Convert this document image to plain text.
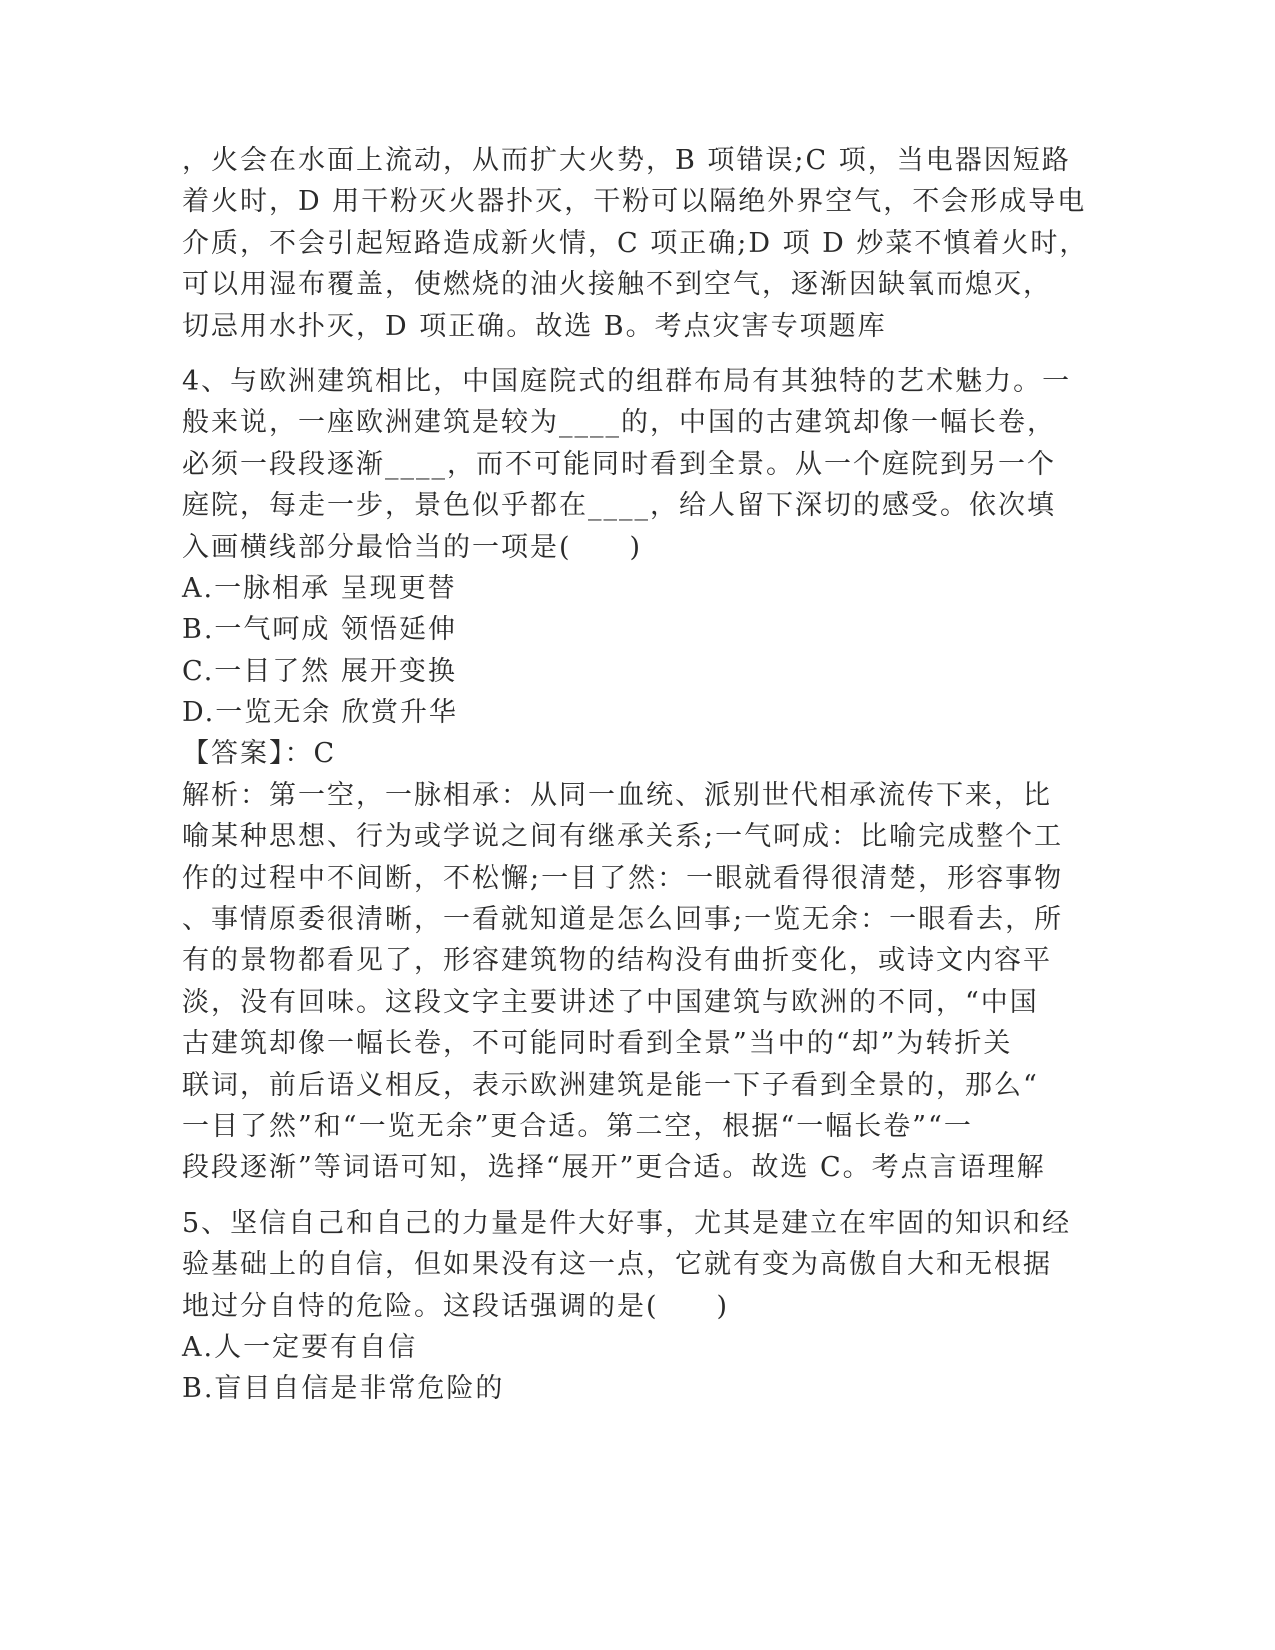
，火会在水面上流动，从而扩大火势，B 项错误;C 项，当电器因短路
着火时，D 用干粉灭火器扑灭，干粉可以隔绝外界空气，不会形成导电
介质，不会引起短路造成新火情，C 项正确;D 项 D 炒菜不慎着火时，
可以用湿布覆盖，使燃烧的油火接触不到空气，逐渐因缺氧而熄灭，
切忌用水扑灭，D 项正确。故选 B。考点灾害专项题库
4、与欧洲建筑相比，中国庭院式的组群布局有其独特的艺术魅力。一
般来说，一座欧洲建筑是较为____的，中国的古建筑却像一幅长卷，
必须一段段逐渐____，而不可能同时看到全景。从一个庭院到另一个
庭院，每走一步，景色似乎都在____，给人留下深切的感受。依次填
入画横线部分最恰当的一项是(　　)
A.一脉相承 呈现更替
B.一气呵成 领悟延伸
C.一目了然 展开变换
D.一览无余 欣赏升华
【答案】：C
解析：第一空，一脉相承：从同一血统、派别世代相承流传下来，比
喻某种思想、行为或学说之间有继承关系;一气呵成：比喻完成整个工
作的过程中不间断，不松懈;一目了然：一眼就看得很清楚，形容事物
、事情原委很清晰，一看就知道是怎么回事;一览无余：一眼看去，所
有的景物都看见了，形容建筑物的结构没有曲折变化，或诗文内容平
淡，没有回味。这段文字主要讲述了中国建筑与欧洲的不同，“中国
古建筑却像一幅长卷，不可能同时看到全景”当中的“却”为转折关
联词，前后语义相反，表示欧洲建筑是能一下子看到全景的，那么“
一目了然”和“一览无余”更合适。第二空，根据“一幅长卷”“一
段段逐渐”等词语可知，选择“展开”更合适。故选 C。考点言语理解
5、坚信自己和自己的力量是件大好事，尤其是建立在牢固的知识和经
验基础上的自信，但如果没有这一点，它就有变为高傲自大和无根据
地过分自恃的危险。这段话强调的是(　　)
A.人一定要有自信
B.盲目自信是非常危险的
